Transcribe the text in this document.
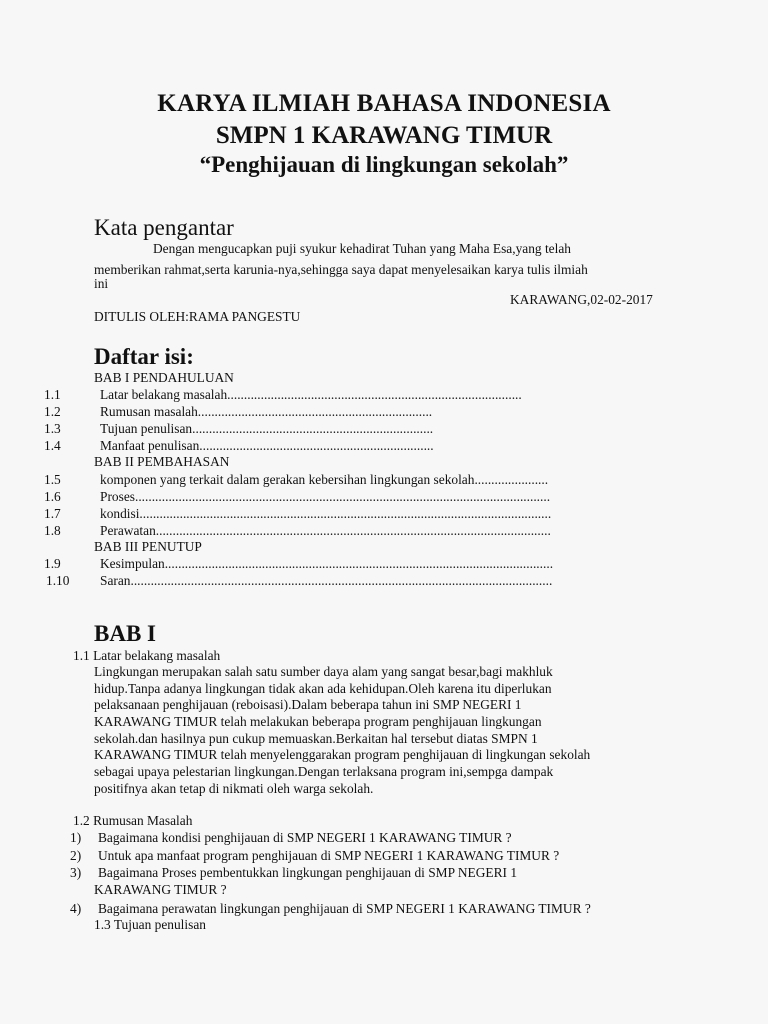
KARYA ILMIAH BAHASA INDONESIA
SMPN 1 KARAWANG TIMUR
“Penghijauan di lingkungan sekolah”
Kata pengantar
Dengan mengucapkan puji syukur kehadirat Tuhan yang Maha Esa,yang telah
memberikan rahmat,serta karunia-nya,sehingga saya dapat menyelesaikan karya tulis ilmiah
ini
KARAWANG,02-02-2017
DITULIS OLEH:RAMA PANGESTU
Daftar isi:
BAB I PENDAHULUAN
1.1	Latar belakang masalah........................................................................................
1.2	Rumusan masalah......................................................................
1.3	Tujuan penulisan........................................................................
1.4	Manfaat penulisan......................................................................
BAB II PEMBAHASAN
1.5	komponen yang terkait dalam gerakan kebersihan lingkungan sekolah......................
1.6	Proses............................................................................................................................
1.7	kondisi...........................................................................................................................
1.8	Perawatan......................................................................................................................
BAB III PENUTUP
1.9	Kesimpulan....................................................................................................................
1.10	Saran..............................................................................................................................
BAB I
1.1 Latar belakang masalah
Lingkungan merupakan salah satu sumber daya alam yang sangat besar,bagi makhluk
hidup.Tanpa adanya lingkungan tidak akan ada kehidupan.Oleh karena itu diperlukan
pelaksanaan penghijauan (reboisasi).Dalam beberapa tahun ini SMP NEGERI 1
KARAWANG TIMUR telah melakukan beberapa program penghijauan lingkungan
sekolah.dan hasilnya pun cukup memuaskan.Berkaitan hal tersebut diatas SMPN 1
KARAWANG TIMUR telah menyelenggarakan program penghijauan di lingkungan sekolah
sebagai upaya pelestarian lingkungan.Dengan terlaksana program ini,sempga dampak
positifnya akan tetap di nikmati oleh warga sekolah.
1.2 Rumusan Masalah
1) Bagaimana kondisi penghijauan di SMP NEGERI 1 KARAWANG TIMUR ?
2) Untuk apa manfaat program penghijauan di SMP NEGERI 1 KARAWANG TIMUR ?
3) Bagaimana Proses pembentukkan lingkungan penghijauan di SMP NEGERI 1
KARAWANG TIMUR ?
4) Bagaimana perawatan lingkungan penghijauan di SMP NEGERI 1 KARAWANG TIMUR ?
1.3 Tujuan penulisan
